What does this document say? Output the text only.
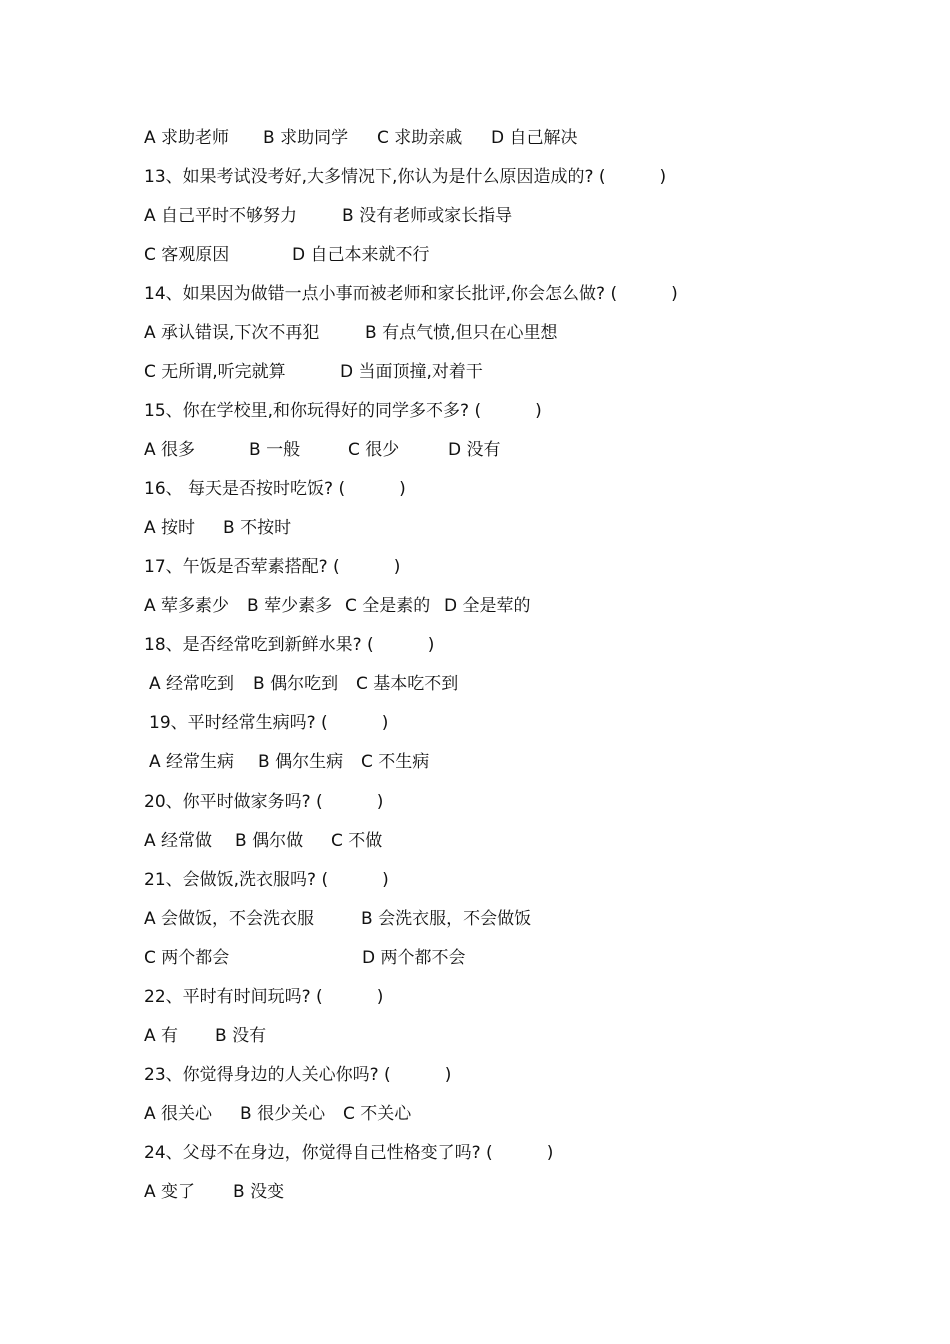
A 求助老师

B 求助同学

C 求助亲戚

D 自己解决

13、如果考试没考好,大多情况下,你认为是什么原因造成的? (          )

A 自己平时不够努力

	B 没有老师或家长指导

C 客观原因

	D 自己本来就不行

14、如果因为做错一点小事而被老师和家长批评,你会怎么做? (          )

A 承认错误,下次不再犯

	B 有点气愤,但只在心里想

C 无所谓,听完就算

	D 当面顶撞,对着干

15、你在学校里,和你玩得好的同学多不多? (          )

A 很多

	B 一般

	C 很少

	D 没有

16、 每天是否按时吃饭? (          )

A 按时

B 不按时

17、午饭是否荤素搭配? (          )

A 荤多素少

B 荤少素多

C 全是素的

D 全是荤的

18、是否经常吃到新鲜水果? (          )

A 经常吃到

B 偶尔吃到

C 基本吃不到

19、平时经常生病吗? (          )

A 经常生病

B 偶尔生病

C 不生病

20、你平时做家务吗? (          )

A 经常做

B 偶尔做

C 不做

21、会做饭,洗衣服吗? (          )

A 会做饭，不会洗衣服

	B 会洗衣服，不会做饭

C 两个都会

	D 两个都不会

22、平时有时间玩吗? (          )

A 有

B 没有

23、你觉得身边的人关心你吗? (          )

A 很关心

B 很少关心

C 不关心

24、父母不在身边，你觉得自己性格变了吗? (          )

A 变了

B 没变
